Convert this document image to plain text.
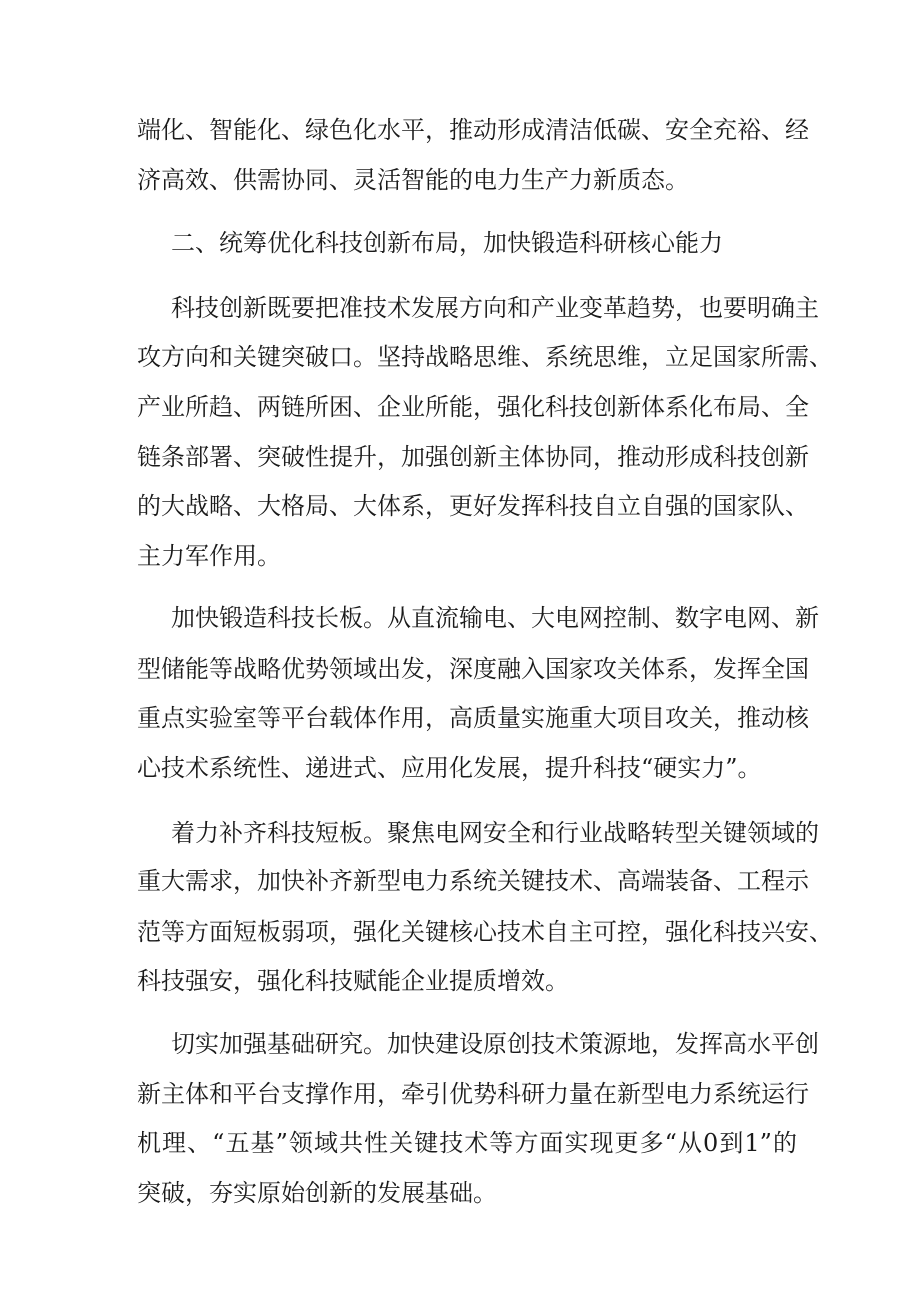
端化、智能化、绿色化水平，推动形成清洁低碳、安全充裕、经
济高效、供需协同、灵活智能的电力生产力新质态。
二、统筹优化科技创新布局，加快锻造科研核心能力
科技创新既要把准技术发展方向和产业变革趋势，也要明确主
攻方向和关键突破口。坚持战略思维、系统思维，立足国家所需、
产业所趋、两链所困、企业所能，强化科技创新体系化布局、全
链条部署、突破性提升，加强创新主体协同，推动形成科技创新
的大战略、大格局、大体系，更好发挥科技自立自强的国家队、
主力军作用。
加快锻造科技长板。从直流输电、大电网控制、数字电网、新
型储能等战略优势领域出发，深度融入国家攻关体系，发挥全国
重点实验室等平台载体作用，高质量实施重大项目攻关，推动核
心技术系统性、递进式、应用化发展，提升科技“硬实力”。
着力补齐科技短板。聚焦电网安全和行业战略转型关键领域的
重大需求，加快补齐新型电力系统关键技术、高端装备、工程示
范等方面短板弱项，强化关键核心技术自主可控，强化科技兴安、
科技强安，强化科技赋能企业提质增效。
切实加强基础研究。加快建设原创技术策源地，发挥高水平创
新主体和平台支撑作用，牵引优势科研力量在新型电力系统运行
机理、“五基”领域共性关键技术等方面实现更多“从0到1”的
突破，夯实原始创新的发展基础。
